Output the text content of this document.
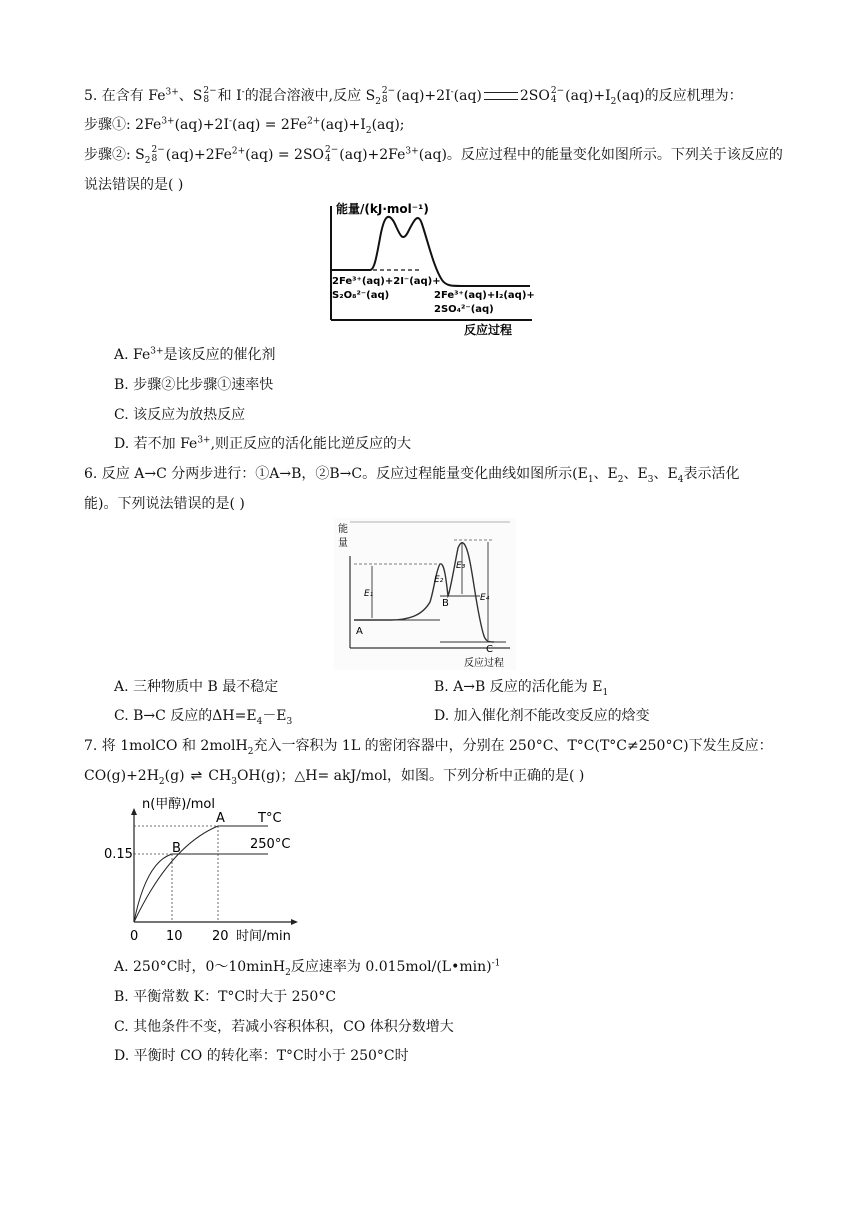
5. 在含有 $Fe^{3+}$、S 2−
8 和 I-的混合溶液中,反应 $S_2$
2−
8 (aq)+2I-(aq)	2SO 2−
4 $(aq)+I_2(aq)$的反应机理为：
步骤①: $2Fe^{3+}(aq)+2I^-(aq) = 2Fe^{2+}(aq)+I_2(aq)$;
步骤②: $S_2$
2−
8 $(aq)+2Fe^{2+}(aq) = 2SO$ 2−
4 $(aq)+2Fe^{3+}(aq)$。反应过程中的能量变化如图所示。下列关于该反应的
说法错误的是( )
能量/(kJ·mol⁻¹)
2Fe³⁺(aq)+2I⁻(aq)+
S₂O₈²⁻(aq)	2Fe³⁺(aq)+I₂(aq)+
2SO₄²⁻(aq)
反应过程
A. $Fe^{3+}$是该反应的催化剂
B. 步骤②比步骤①速率快
C. 该反应为放热反应
D. 若不加 $Fe^{3+}$,则正反应的活化能比逆反应的大
6. 反应 A→C 分两步进行：①A→B，②B→C。反应过程能量变化曲线如图所示($E_1$、$E_2$、$E_3$、$E_4$表示活化
能)。下列说法错误的是( )
能
量
A
B
C
E₁
E₂
E₃
E₄
反应过程
A. 三种物质中 B 最不稳定	B. A→B 反应的活化能为 $E_1$
C. B→C 反应的$\Delta H=E_4-E_3$	D. 加入催化剂不能改变反应的焓变
7. 将 1molCO 和 2molH$_2$充入一容积为 1L 的密闭容器中，分别在 250°C、T°C(T°C≠250°C)下发生反应：
$CO(g)+2H_2(g)$ ⇌ $CH_3OH(g)$；△H= akJ/mol，如图。下列分析中正确的是( )
n(甲醇)/mol
0.15
0 10 20 时间/min
A
B
T°C
250°C
A. 250°C时，0～10minH$_2$反应速率为 0.015mol/(L•min)$^{-1}$
B. 平衡常数 K：T°C时大于 250°C
C. 其他条件不变，若减小容积体积，CO 体积分数增大
D. 平衡时 CO 的转化率：T°C时小于 250°C时
